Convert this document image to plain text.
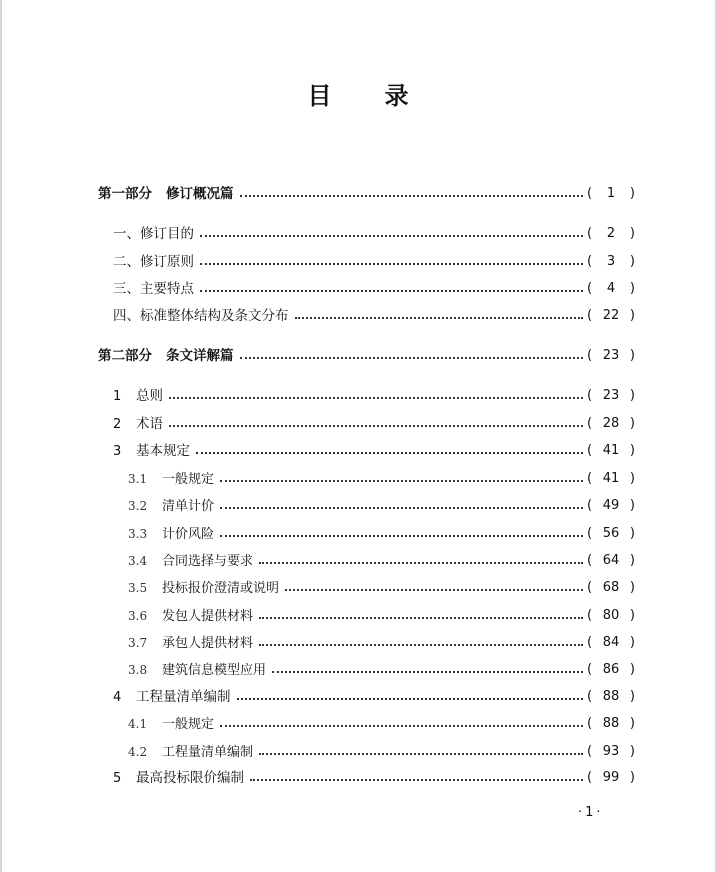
目 录
第一部分 修订概况篇	(	1	)
一、修订目的	(	2	)
二、修订原则	(	3	)
三、主要特点	(	4	)
四、标准整体结构及条文分布	( 22 )
第二部分 条文详解篇	( 23 )
1 总则	( 23 )
2 术语	( 28 )
3 基本规定	( 41 )
3.1 一般规定	( 41 )
3.2 清单计价	( 49 )
3.3 计价风险	( 56 )
3.4 合同选择与要求	( 64 )
3.5 投标报价澄清或说明	( 68 )
3.6 发包人提供材料	( 80 )
3.7 承包人提供材料	( 84 )
3.8 建筑信息模型应用	( 86 )
4 工程量清单编制	( 88 )
4.1 一般规定	( 88 )
4.2 工程量清单编制	( 93 )
5 最高投标限价编制	( 99 )
·1·
